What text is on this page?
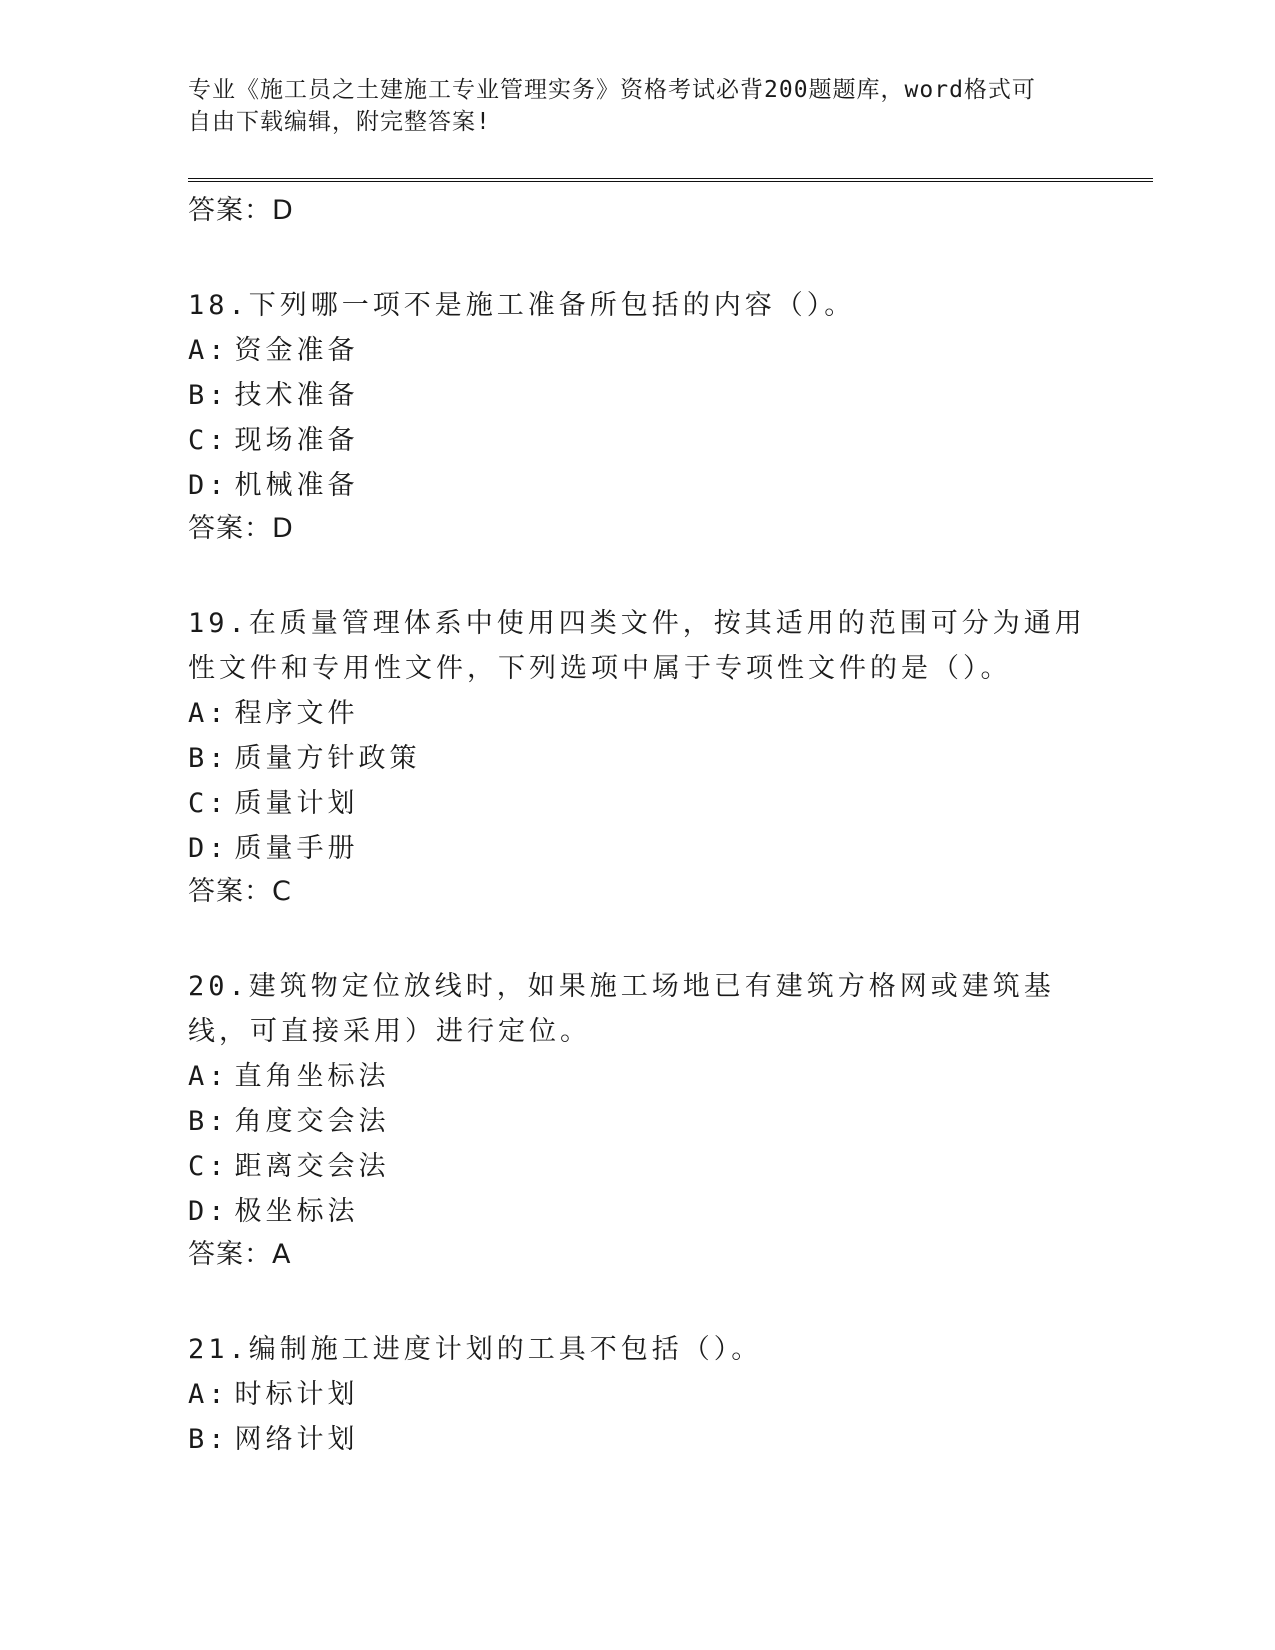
专业《施工员之土建施工专业管理实务》资格考试必背200题题库，word格式可
自由下载编辑，附完整答案!
答案：D
18.下列哪一项不是施工准备所包括的内容（）。
A: 资金准备
B: 技术准备
C: 现场准备
D: 机械准备
答案：D
19.在质量管理体系中使用四类文件，按其适用的范围可分为通用性文件和专用性文件，下列选项中属于专项性文件的是（）。
A: 程序文件
B: 质量方针政策
C: 质量计划
D: 质量手册
答案：C
20.建筑物定位放线时，如果施工场地已有建筑方格网或建筑基线，可直接采用）进行定位。
A: 直角坐标法
B: 角度交会法
C: 距离交会法
D: 极坐标法
答案：A
21.编制施工进度计划的工具不包括（）。
A: 时标计划
B: 网络计划
